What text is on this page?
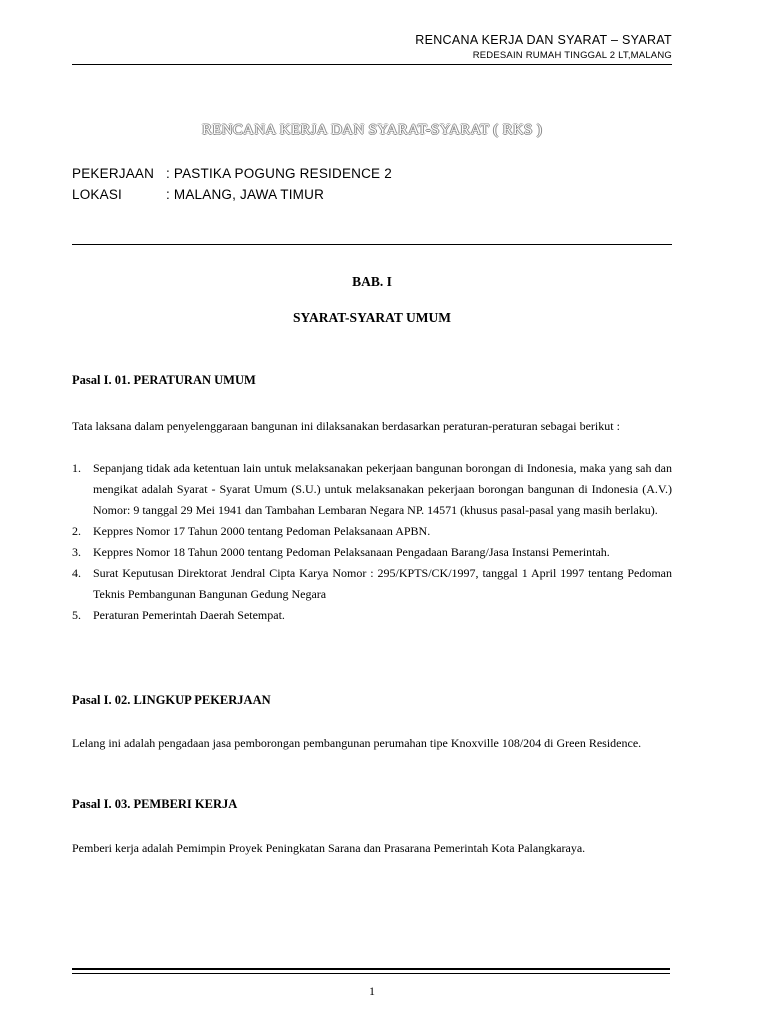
RENCANA KERJA DAN SYARAT – SYARAT
REDESAIN RUMAH TINGGAL 2 LT,MALANG
RENCANA KERJA DAN SYARAT-SYARAT ( RKS )
PEKERJAAN : PASTIKA POGUNG RESIDENCE 2
LOKASI	: MALANG, JAWA TIMUR
BAB. I
SYARAT-SYARAT UMUM
Pasal I. 01. PERATURAN UMUM
Tata laksana dalam penyelenggaraan bangunan ini dilaksanakan berdasarkan peraturan-peraturan sebagai berikut :
1. Sepanjang tidak ada ketentuan lain untuk melaksanakan pekerjaan bangunan borongan di Indonesia, maka yang sah dan mengikat adalah Syarat - Syarat Umum (S.U.) untuk melaksanakan pekerjaan borongan bangunan di Indonesia (A.V.) Nomor: 9 tanggal 29 Mei 1941 dan Tambahan Lembaran Negara NP. 14571 (khusus pasal-pasal yang masih berlaku).
2. Keppres Nomor 17 Tahun 2000 tentang Pedoman Pelaksanaan APBN.
3. Keppres Nomor 18 Tahun 2000 tentang Pedoman Pelaksanaan Pengadaan Barang/Jasa Instansi Pemerintah.
4. Surat Keputusan Direktorat Jendral Cipta Karya Nomor : 295/KPTS/CK/1997, tanggal 1 April 1997 tentang Pedoman Teknis Pembangunan Bangunan Gedung Negara
5. Peraturan Pemerintah Daerah Setempat.
Pasal I. 02. LINGKUP PEKERJAAN
Lelang ini adalah pengadaan jasa pemborongan pembangunan perumahan tipe Knoxville 108/204 di Green Residence.
Pasal I. 03. PEMBERI KERJA
Pemberi kerja adalah Pemimpin Proyek Peningkatan Sarana dan Prasarana Pemerintah Kota Palangkaraya.
1
